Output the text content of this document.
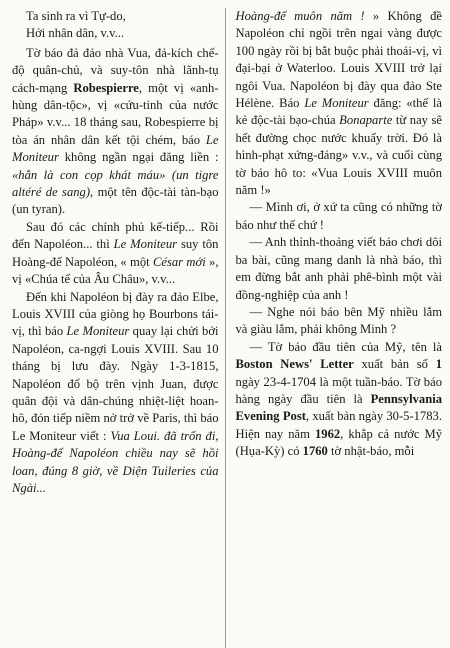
Ta sinh ra vì Tự-do,
Hởi nhân dân, v.v...

Tờ báo đả đảo nhà Vua, đả-kích chế-độ quân-chủ, và suy-tôn nhà lãnh-tụ cách-mạng Robespierre, một vị «anh-hùng dân-tộc», vị «cứu-tinh của nước Pháp» v.v... 18 tháng sau, Robespierre bị tòa án nhân dân kết tội chém, báo Le Moniteur không ngần ngại đăng liền : «hắn là con cọp khát máu» (un tigre altéré de sang), một tên độc-tài tàn-bạo (un tyran).

Sau đó các chính phủ kế-tiếp... Rồi đến Napoléon... thì Le Moniteur suy tôn Hoàng-đế Napoléon, « một César mới », vị «Chúa tể của Âu Châu», v.v...

Đến khi Napoléon bị đày ra đảo Elbe, Louis XVIII của giòng họ Bourbons tái-vị, thì báo Le Moniteur quay lại chửi bới Napoléon, ca-ngợi Louis XVIII. Sau 10 tháng bị lưu đày. Ngày 1-3-1815, Napoléon đổ bộ trên vịnh Juan, được quân đội và dân-chúng nhiệt-liệt hoan-hô, đón tiếp niềm nở trở về Paris, thì báo Le Moniteur viết : Vua Loui. đã trốn đi, Hoàng-đế Napoléon chiều nay sẽ hồi loan, đúng 8 giờ, về Diện Tuileries của Ngài...

Hoàng-đế muôn năm ! » Không đề Napoléon chỉ ngồi trên ngai vàng được 100 ngày rồi bị bắt buộc phải thoái-vị, vì đại-bại ở Waterloo. Louis XVIII trở lại ngôi Vua. Napoléon bị đày qua đảo Ste Hélène. Báo Le Moniteur đăng: «thế là kẻ độc-tài bạo-chúa Bonaparte từ nay sẽ hết đường chọc nước khuấy trời. Đó là hình-phạt xứng-đáng» v.v., và cuối cùng tờ báo hô to: «Vua Louis XVIII muôn năm !»

— Mình ơi, ở xứ ta cũng có những tờ báo như thế chứ !

— Anh thỉnh-thoảng viết báo chơi dôi ba bài, cũng mang danh là nhà báo, thì em đừng bắt anh phải phê-bình một vài đồng-nghiệp của anh !

— Nghe nói báo bên Mỹ nhiều lắm và giàu lắm, phải không Minh ?

— Tờ báo đầu tiên của Mỹ, tên là Boston News' Letter xuất bản số 1 ngày 23-4-1704 là một tuần-báo. Tờ báo hàng ngày đầu tiên là Pennsylvania Evening Post, xuất bản ngày 30-5-1783. Hiện nay năm 1962, khắp cả nước Mỹ (Hụa-Kỳ) có 1760 tờ nhật-báo, mỗi
